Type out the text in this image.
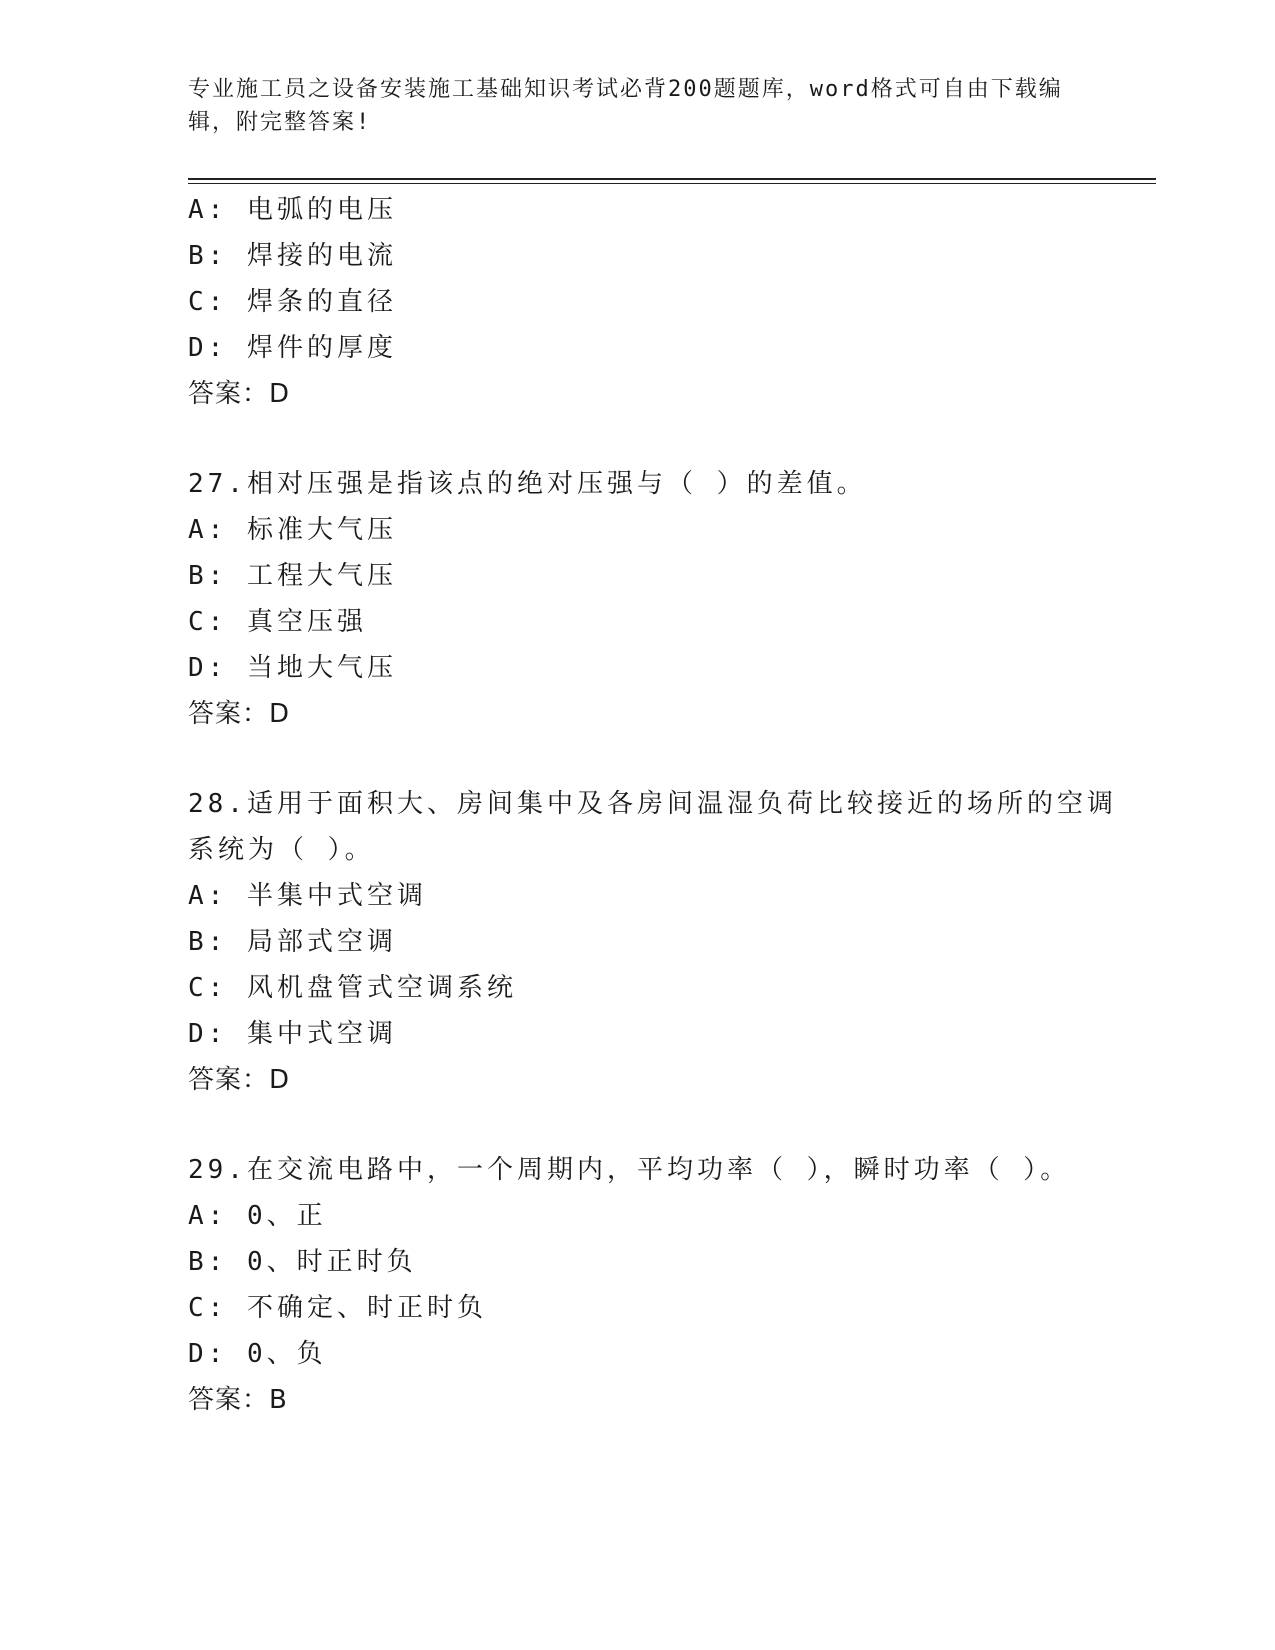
专业施工员之设备安装施工基础知识考试必背200题题库，word格式可自由下载编辑，附完整答案!
A: 电弧的电压
B: 焊接的电流
C: 焊条的直径
D: 焊件的厚度
答案：D
27.相对压强是指该点的绝对压强与（ ）的差值。
A: 标准大气压
B: 工程大气压
C: 真空压强
D: 当地大气压
答案：D
28.适用于面积大、房间集中及各房间温湿负荷比较接近的场所的空调系统为（ ）。
A: 半集中式空调
B: 局部式空调
C: 风机盘管式空调系统
D: 集中式空调
答案：D
29.在交流电路中，一个周期内，平均功率（ ），瞬时功率（ ）。
A: 0、正
B: 0、时正时负
C: 不确定、时正时负
D: 0、负
答案：B
